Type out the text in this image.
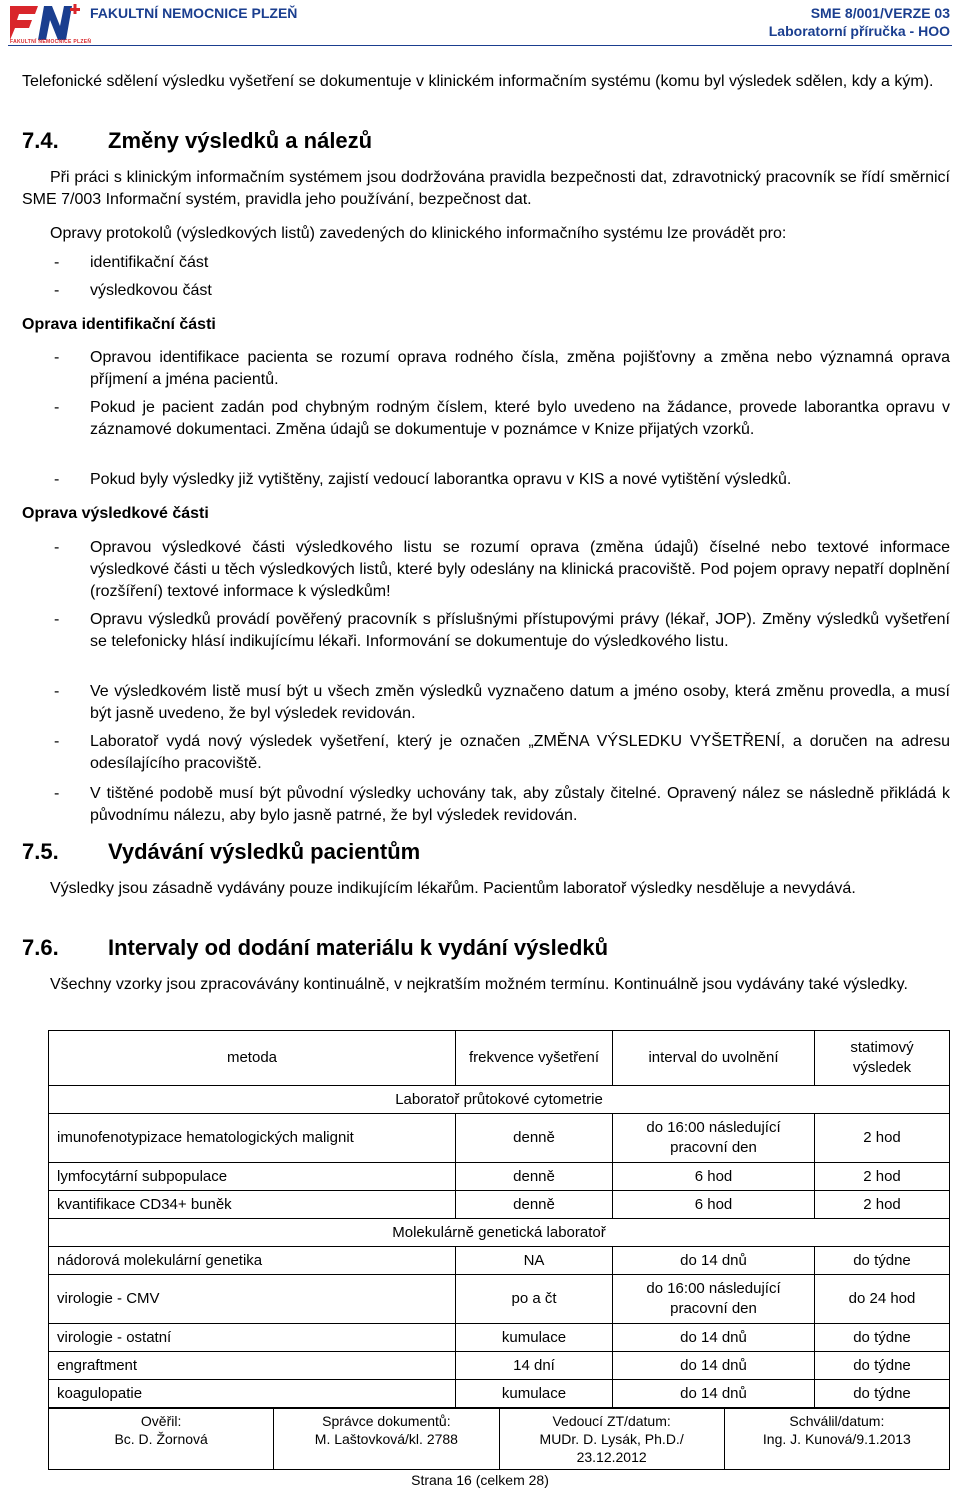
FAKULTNÍ NEMOCNICE PLZEŇ
FAKULTNÍ NEMOCNICE PLZEŇ	SME 8/001/VERZE 03
Laboratorní příručka - HOO

Telefonické sdělení výsledku vyšetření se dokumentuje v klinickém informačním systému (komu byl výsledek sdělen, kdy a kým).

7.4. Změny výsledků a nálezů

Při práci s klinickým informačním systémem jsou dodržována pravidla bezpečnosti dat, zdravotnický pracovník se řídí směrnicí SME 7/003 Informační systém, pravidla jeho používání, bezpečnost dat.

Opravy protokolů (výsledkových listů) zavedených do klinického informačního systému lze provádět pro:

- identifikační část
- výsledkovou část
Oprava identifikační části
- Opravou identifikace pacienta se rozumí oprava rodného čísla, změna pojišťovny a změna nebo významná oprava příjmení a jména pacientů.

- Pokud je pacient zadán pod chybným rodným číslem, které bylo uvedeno na žádance, provede laborantka opravu v záznamové dokumentaci. Změna údajů se dokumentuje v poznámce v Knize přijatých vzorků.

- Pokud byly výsledky již vytištěny, zajistí vedoucí laborantka opravu v KIS a nové vytištění výsledků.

Oprava výsledkové části
- Opravou výsledkové části výsledkového listu se rozumí oprava (změna údajů) číselné nebo textové informace výsledkové části u těch výsledkových listů, které byly odeslány na klinická pracoviště. Pod pojem opravy nepatří doplnění (rozšíření) textové informace k výsledkům!

- Opravu výsledků provádí pověřený pracovník s příslušnými přístupovými právy (lékař, JOP). Změny výsledků vyšetření se telefonicky hlásí indikujícímu lékaři. Informování se dokumentuje do výsledkového listu.

- Ve výsledkovém listě musí být u všech změn výsledků vyznačeno datum a jméno osoby, která změnu provedla, a musí být jasně uvedeno, že byl výsledek revidován.

- Laboratoř vydá nový výsledek vyšetření, který je označen „ZMĚNA VÝSLEDKU VYŠETŘENÍ, a doručen na adresu odesílajícího pracoviště.

- V tištěné podobě musí být původní výsledky uchovány tak, aby zůstaly čitelné. Opravený nález se následně přikládá k původnímu nálezu, aby bylo jasně patrné, že byl výsledek revidován.

7.5. Vydávání výsledků pacientům

Výsledky jsou zásadně vydávány pouze indikujícím lékařům. Pacientům laboratoř výsledky nesděluje a nevydává.

7.6. Intervaly od dodání materiálu k vydání výsledků

Všechny vzorky jsou zpracovávány kontinuálně, v nejkratším možném termínu. Kontinuálně jsou vydávány také výsledky.

metoda	frekvence vyšetření	interval do uvolnění	statimový výsledek
Laboratoř průtokové cytometrie			
imunofenotypizace hematologických malignit	denně	do 16:00 následující pracovní den	2 hod
lymfocytární subpopulace	denně	6 hod	2 hod
kvantifikace CD34+ buněk	denně	6 hod	2 hod
Molekulárně genetická laboratoř			
nádorová molekulární genetika	NA	do 14 dnů	do týdne
virologie - CMV	po a čt	do 16:00 následující pracovní den	do 24 hod
virologie - ostatní	kumulace	do 14 dnů	do týdne
engraftment	14 dní	do 14 dnů	do týdne
koagulopatie	kumulace	do 14 dnů	do týdne
Ověřil:
Bc. D. Žornová

Správce dokumentů:
M. Laštovková/kl. 2788

Vedoucí ZT/datum:
MUDr. D. Lysák, Ph.D./ 23.12.2012

Schválil/datum:
Ing. J. Kunová/9.1.2013
Strana 16 (celkem 28)
